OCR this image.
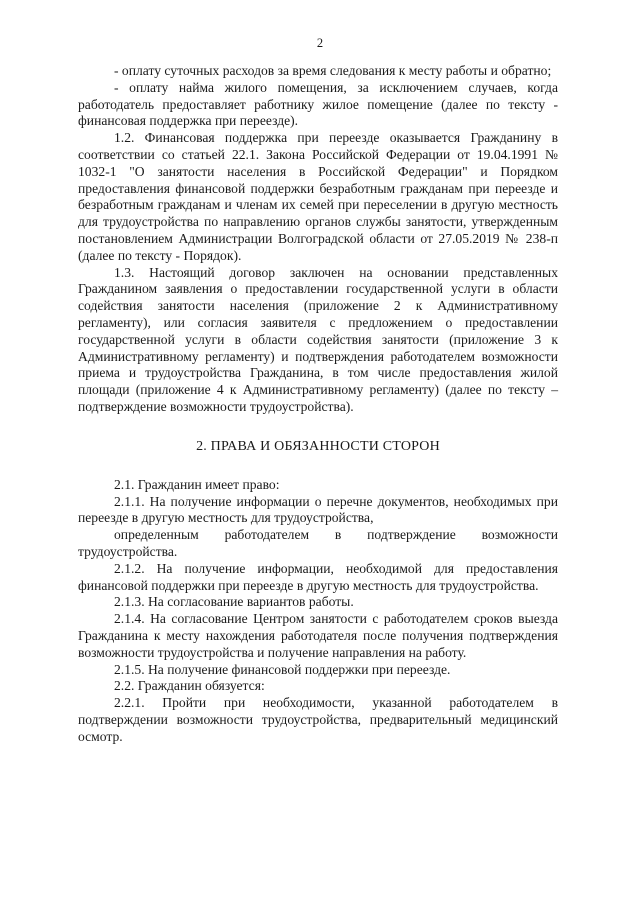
2

- оплату суточных расходов за время следования к месту работы и обратно;

- оплату найма жилого помещения, за исключением случаев, когда работодатель предоставляет работнику жилое помещение (далее по тексту - финансовая поддержка при переезде).

1.2. Финансовая поддержка при переезде оказывается Гражданину в соответствии со статьей 22.1. Закона Российской Федерации от 19.04.1991 № 1032-1 "О занятости населения в Российской Федерации" и Порядком предоставления финансовой поддержки безработным гражданам при переезде и безработным гражданам и членам их семей при переселении в другую местность для трудоустройства по направлению органов службы занятости, утвержденным постановлением Администрации Волгоградской области от 27.05.2019 № 238-п (далее по тексту - Порядок).

1.3. Настоящий договор заключен на основании представленных Гражданином заявления о предоставлении государственной услуги в области содействия занятости населения (приложение 2 к Административному регламенту), или согласия заявителя с предложением о предоставлении государственной услуги в области содействия занятости (приложение 3 к Административному регламенту) и подтверждения работодателем возможности приема и трудоустройства Гражданина, в том числе предоставления жилой площади (приложение 4 к Административному регламенту) (далее по тексту – подтверждение возможности трудоустройства).

2. ПРАВА И ОБЯЗАННОСТИ СТОРОН

2.1. Гражданин имеет право:

2.1.1. На получение информации о перечне документов, необходимых при переезде в другую местность для трудоустройства,

определенным работодателем в подтверждение возможности трудоустройства.

2.1.2. На получение информации, необходимой для предоставления финансовой поддержки при переезде в другую местность для трудоустройства.

2.1.3. На согласование вариантов работы.

2.1.4. На согласование Центром занятости с работодателем сроков выезда Гражданина к месту нахождения работодателя после получения подтверждения возможности трудоустройства и получение направления на работу.

2.1.5. На получение финансовой поддержки при переезде.

2.2. Гражданин обязуется:

2.2.1. Пройти при необходимости, указанной работодателем в подтверждении возможности трудоустройства, предварительный медицинский осмотр.
